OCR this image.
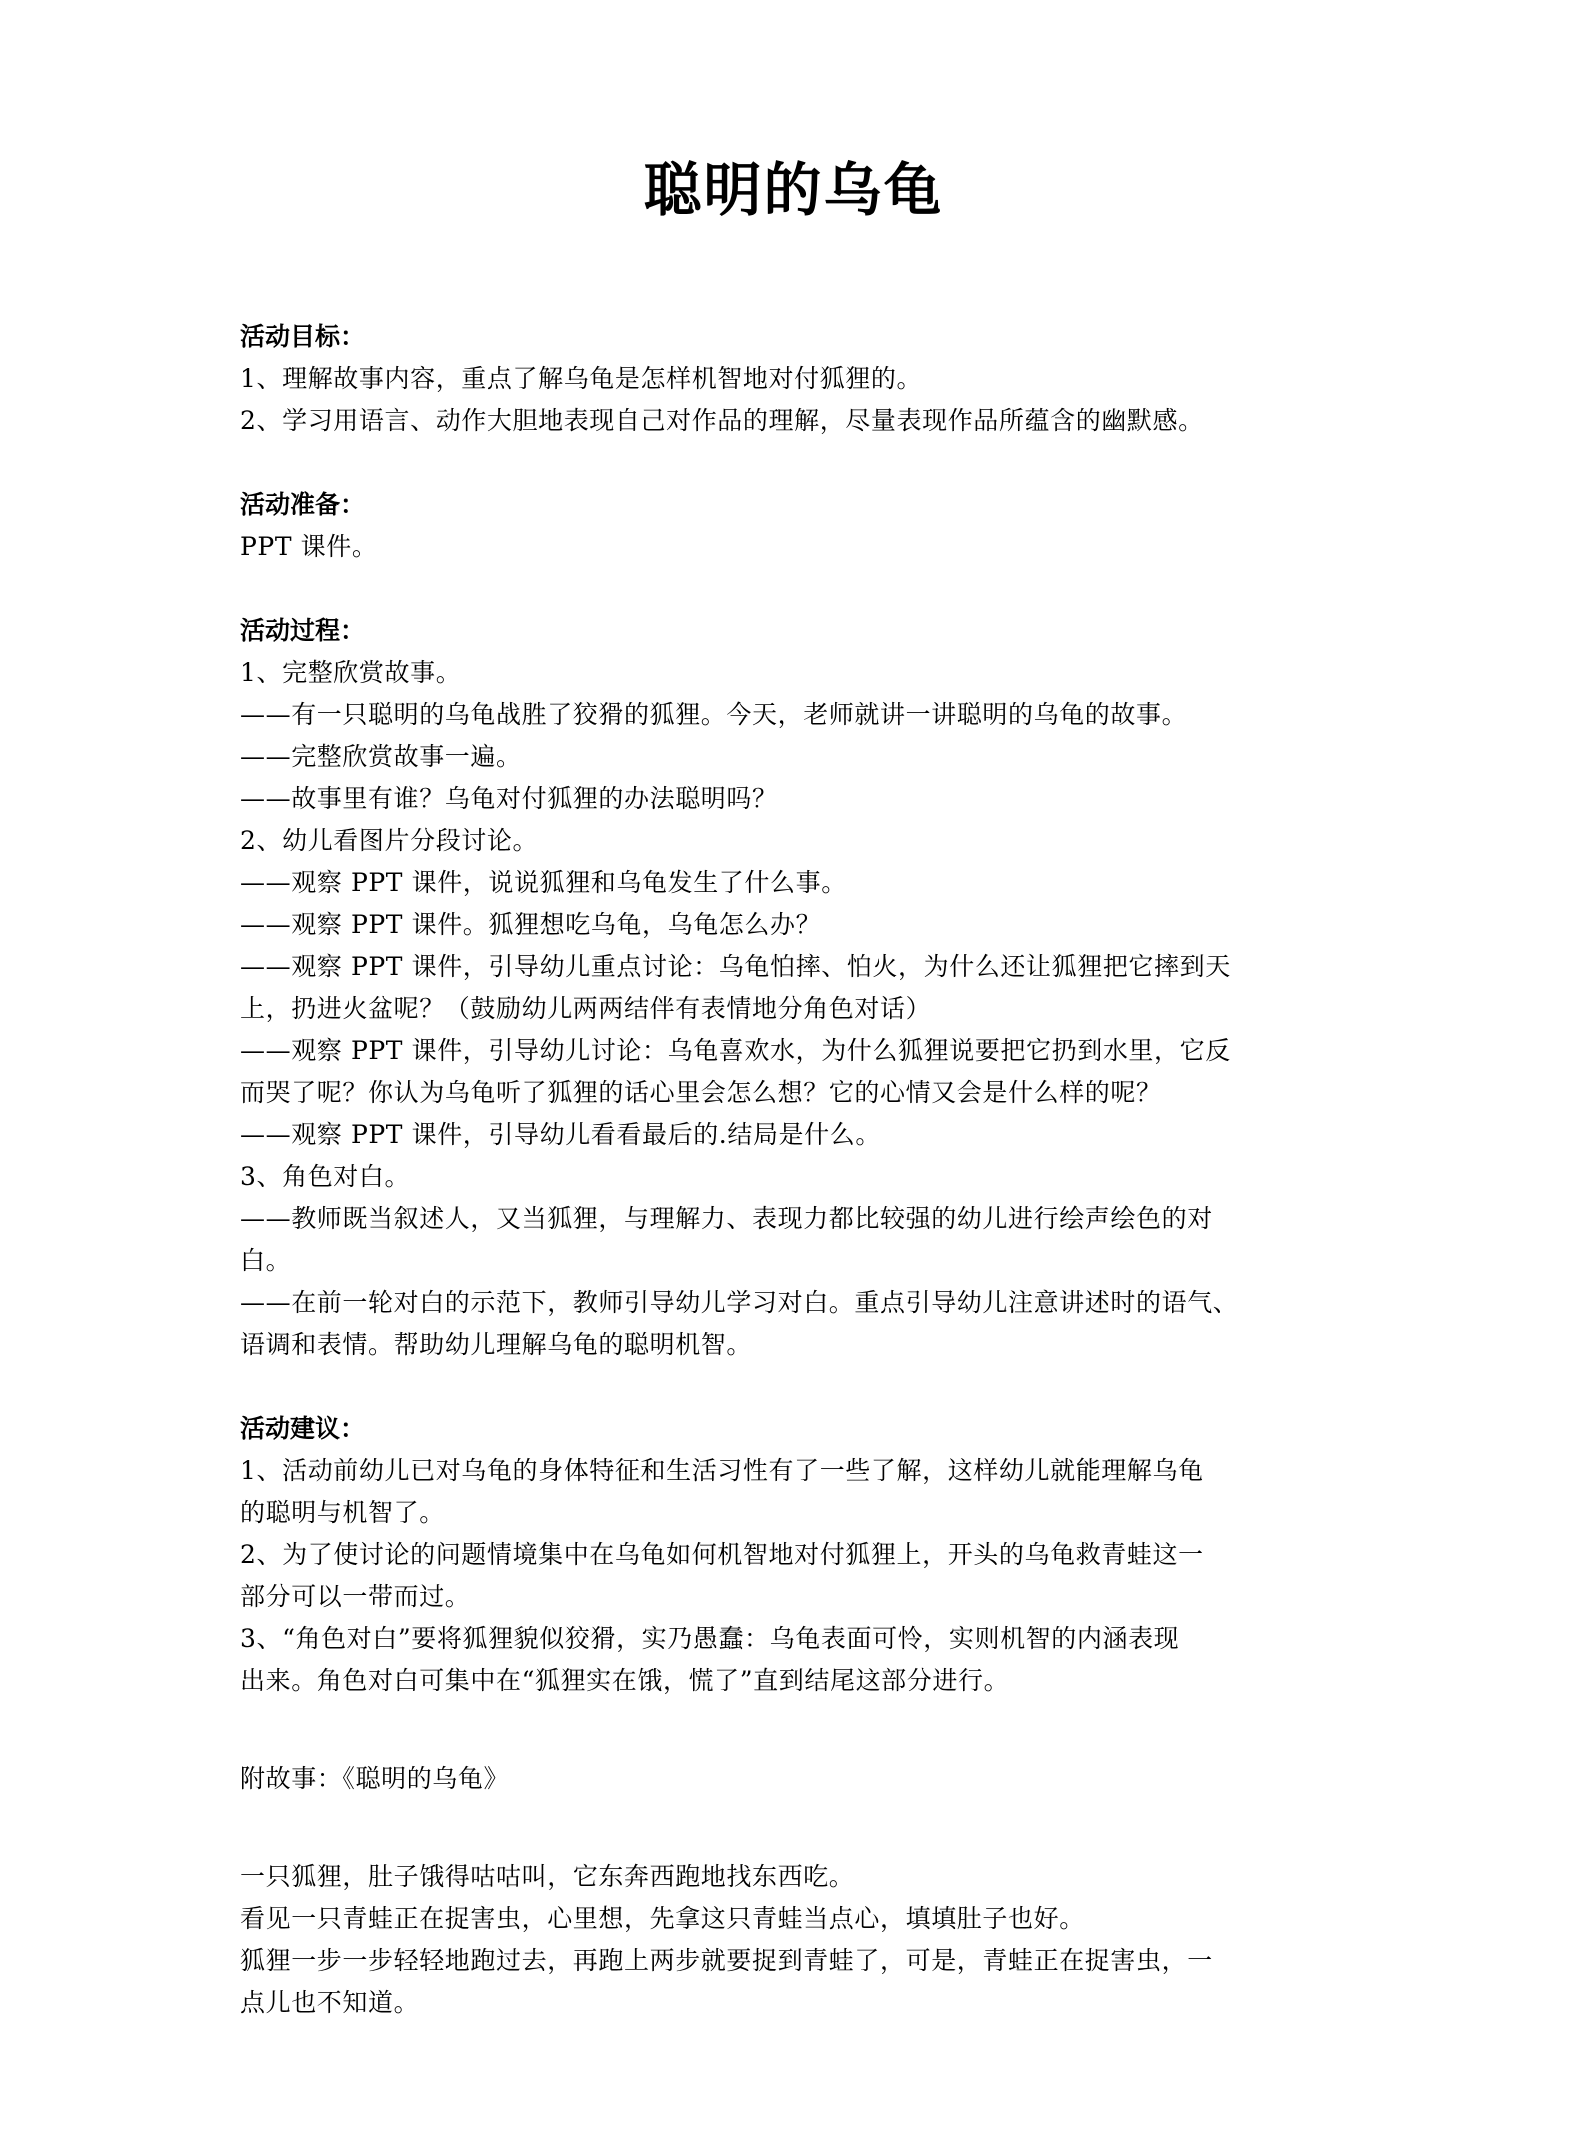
聪明的乌龟
活动目标：
1、理解故事内容，重点了解乌龟是怎样机智地对付狐狸的。
2、学习用语言、动作大胆地表现自己对作品的理解，尽量表现作品所蕴含的幽默感。
活动准备：
PPT 课件。
活动过程：
1、完整欣赏故事。
——有一只聪明的乌龟战胜了狡猾的狐狸。今天，老师就讲一讲聪明的乌龟的故事。
——完整欣赏故事一遍。
——故事里有谁？乌龟对付狐狸的办法聪明吗？
2、幼儿看图片分段讨论。
——观察 PPT 课件，说说狐狸和乌龟发生了什么事。
——观察 PPT 课件。狐狸想吃乌龟，乌龟怎么办？
——观察 PPT 课件，引导幼儿重点讨论：乌龟怕摔、怕火，为什么还让狐狸把它摔到天
上，扔进火盆呢？（鼓励幼儿两两结伴有表情地分角色对话）
——观察 PPT 课件，引导幼儿讨论：乌龟喜欢水，为什么狐狸说要把它扔到水里，它反
而哭了呢？你认为乌龟听了狐狸的话心里会怎么想？它的心情又会是什么样的呢？
——观察 PPT 课件，引导幼儿看看最后的.结局是什么。
3、角色对白。
——教师既当叙述人，又当狐狸，与理解力、表现力都比较强的幼儿进行绘声绘色的对
白。
——在前一轮对白的示范下，教师引导幼儿学习对白。重点引导幼儿注意讲述时的语气、
语调和表情。帮助幼儿理解乌龟的聪明机智。
活动建议：
1、活动前幼儿已对乌龟的身体特征和生活习性有了一些了解，这样幼儿就能理解乌龟
的聪明与机智了。
2、为了使讨论的问题情境集中在乌龟如何机智地对付狐狸上，开头的乌龟救青蛙这一
部分可以一带而过。
3、“角色对白”要将狐狸貌似狡猾，实乃愚蠢：乌龟表面可怜，实则机智的内涵表现
出来。角色对白可集中在“狐狸实在饿，慌了”直到结尾这部分进行。
附故事：《聪明的乌龟》
一只狐狸，肚子饿得咕咕叫，它东奔西跑地找东西吃。
看见一只青蛙正在捉害虫，心里想，先拿这只青蛙当点心，填填肚子也好。
狐狸一步一步轻轻地跑过去，再跑上两步就要捉到青蛙了，可是，青蛙正在捉害虫，一
点儿也不知道。
